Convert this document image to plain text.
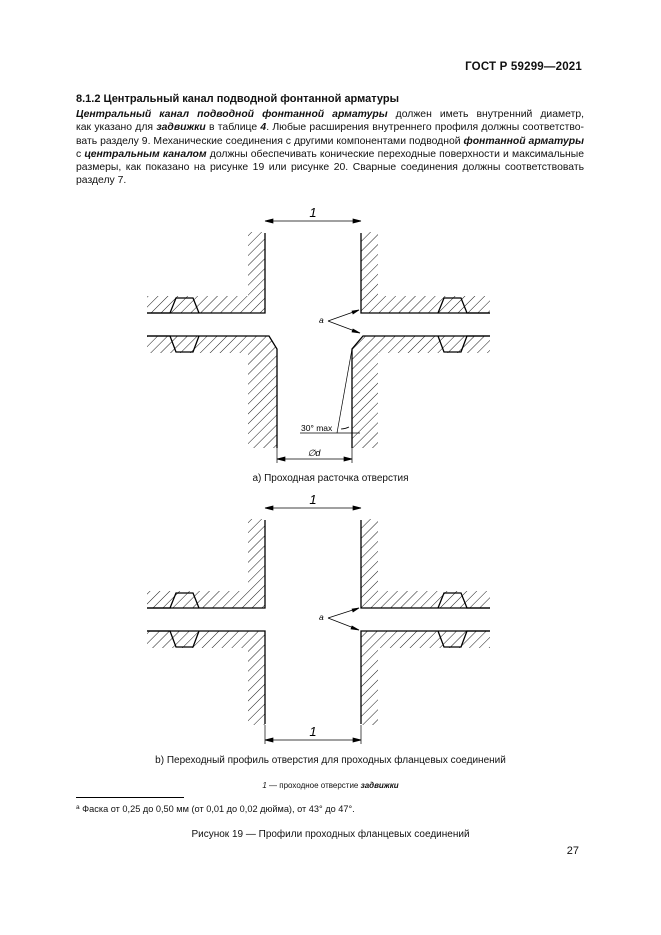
ГОСТ Р 59299—2021
8.1.2 Центральный канал подводной фонтанной арматуры

Центральный канал подводной фонтанной арматуры должен иметь внутренний диаметр,
как указано для задвижки в таблице 4. Любые расширения внутреннего профиля должны соответство-
вать разделу 9. Механические соединения с другими компонентами подводной фонтанной арматуры
с центральным каналом должны обеспечивать конические переходные поверхности и максимальные
размеры, как показано на рисунке 19 или рисунке 20. Сварные соединения должны соответствовать
разделу 7.

1
a
30° max
∅d
a) Проходная расточка отверстия
1
a
1
b) Переходный профиль отверстия для проходных фланцевых соединений
1 — проходное отверстие задвижки
$^a$ Фаска от 0,25 до 0,50 мм (от 0,01 до 0,02 дюйма), от 43° до 47°.
Рисунок 19 — Профили проходных фланцевых соединений
27
